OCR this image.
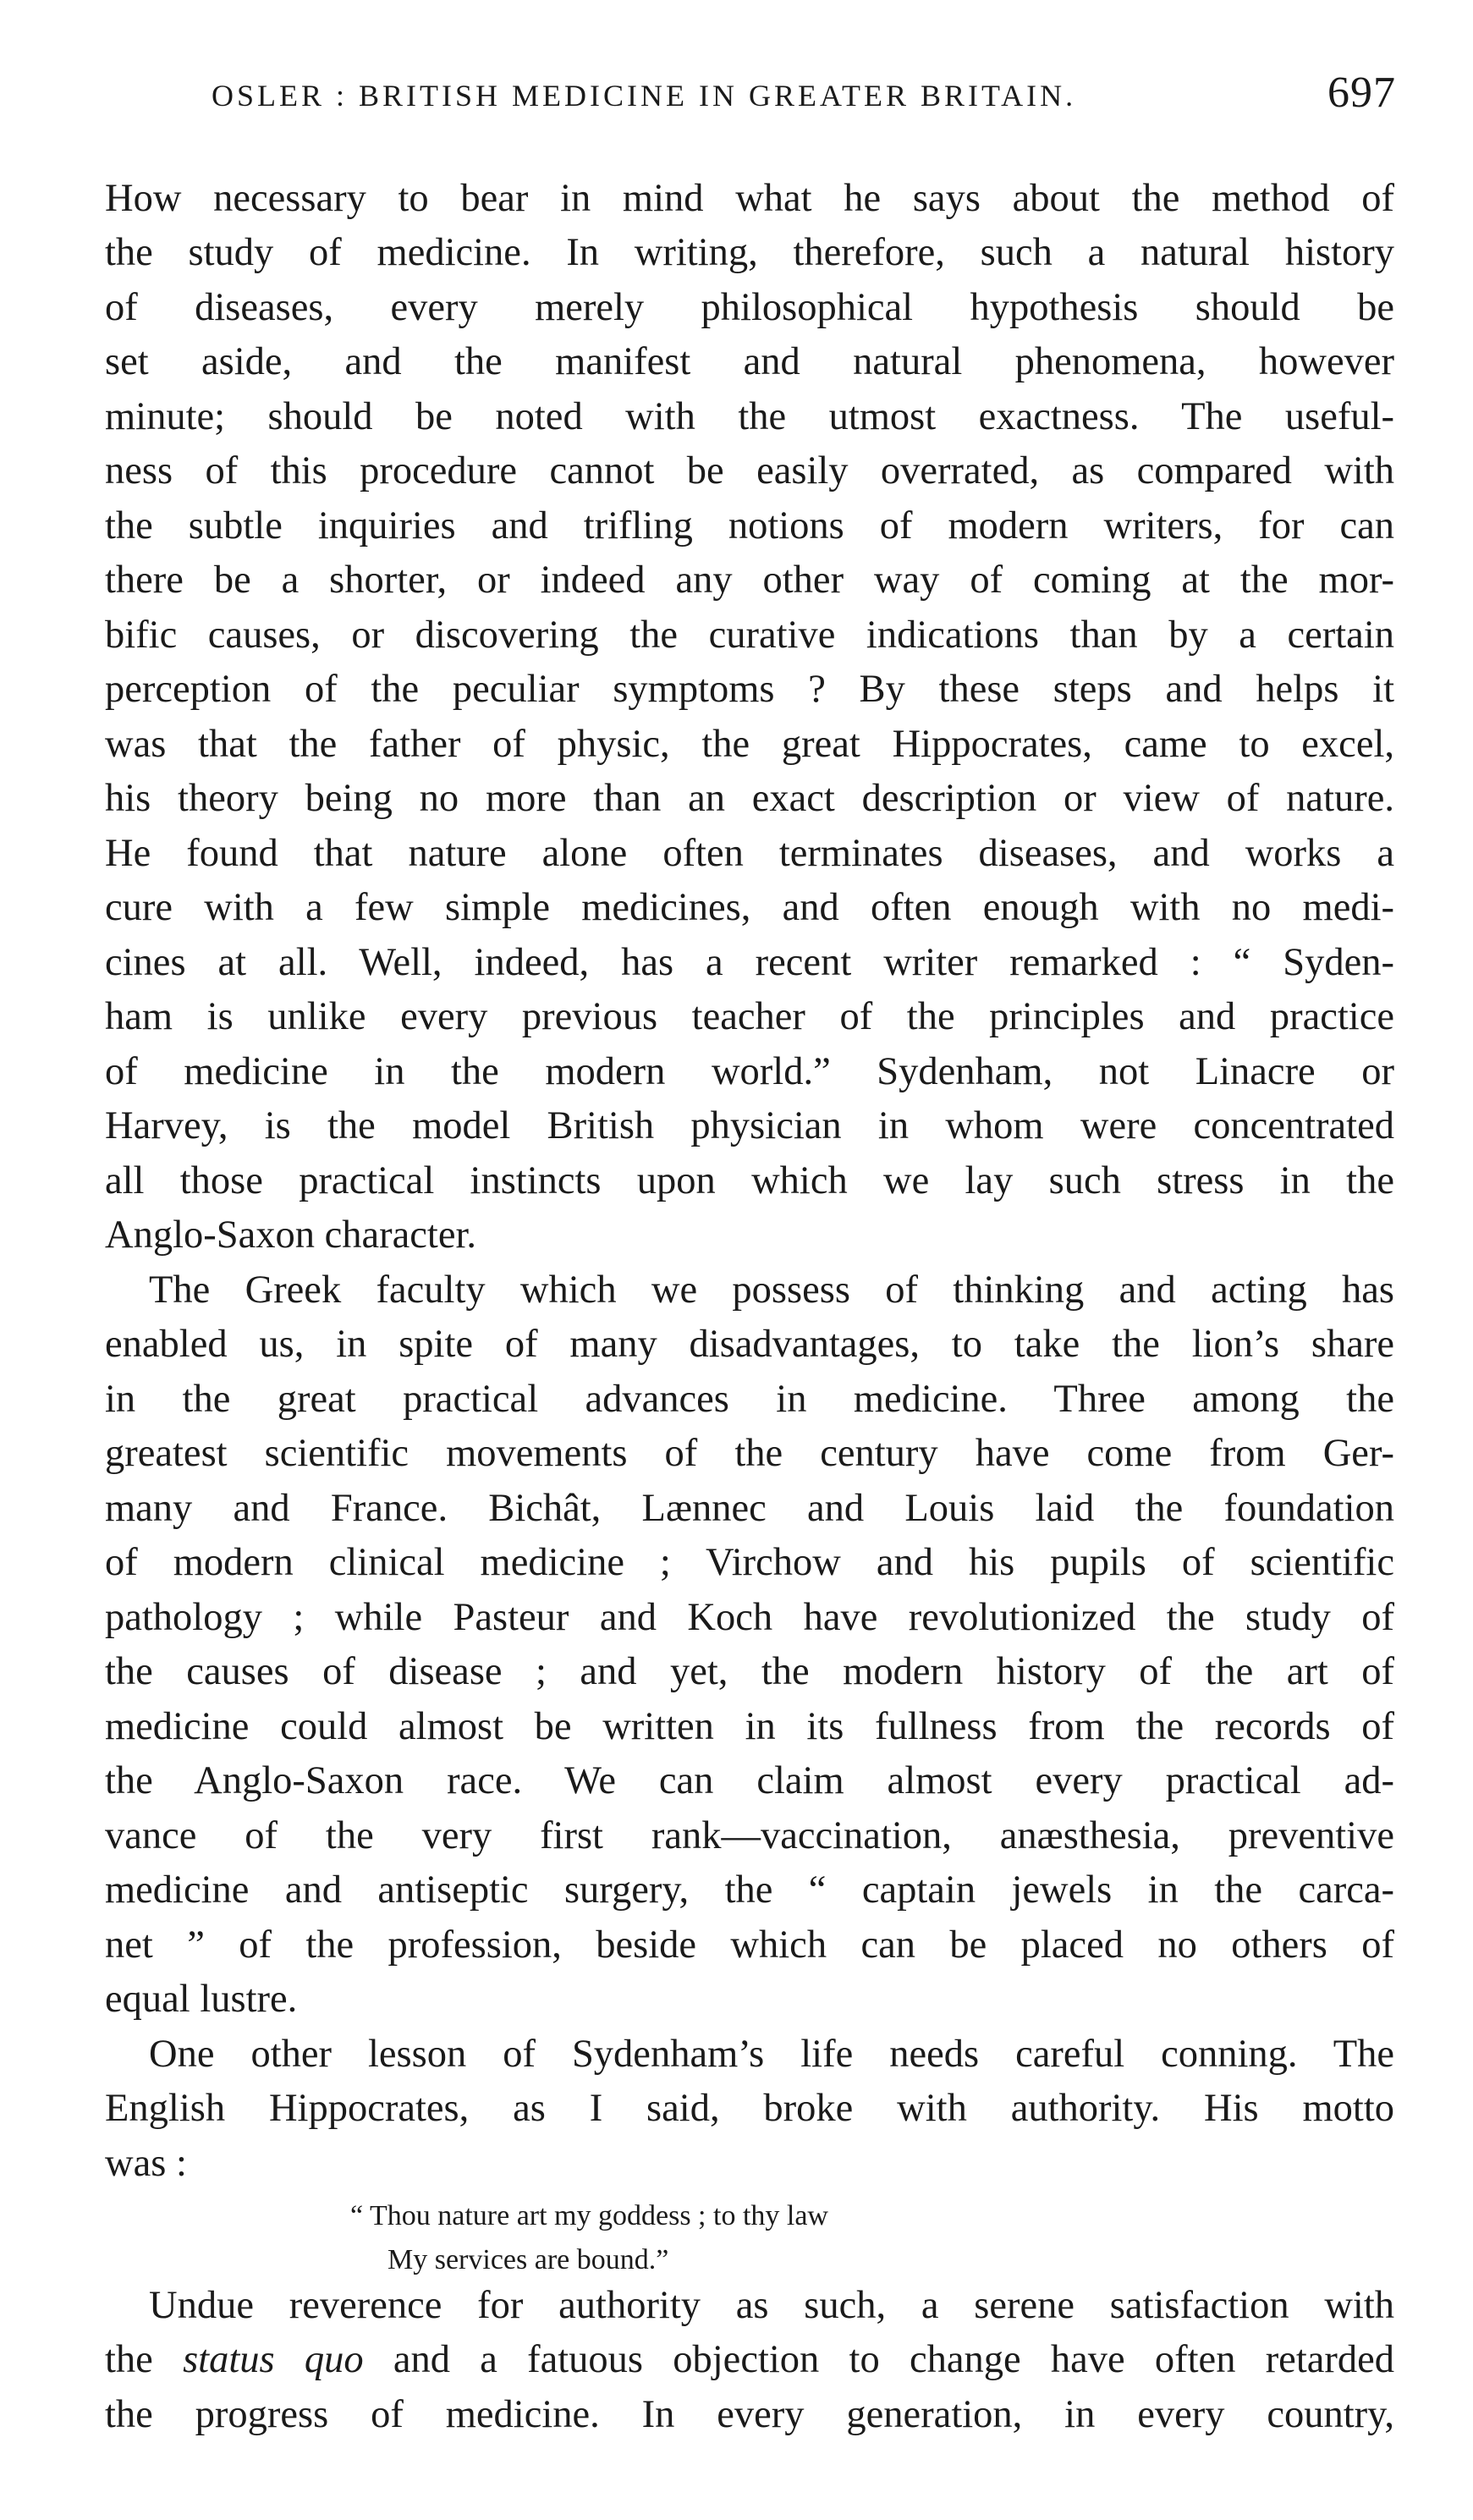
OSLER : BRITISH MEDICINE IN GREATER BRITAIN.	697
How necessary to bear in mind what he says about the method of
the study of medicine. In writing, therefore, such a natural history
of diseases, every merely philosophical hypothesis should be
set aside, and the manifest and natural phenomena, however
minute; should be noted with the utmost exactness. The useful-
ness of this procedure cannot be easily overrated, as compared with
the subtle inquiries and trifling notions of modern writers, for can
there be a shorter, or indeed any other way of coming at the mor-
bific causes, or discovering the curative indications than by a certain
perception of the peculiar symptoms ? By these steps and helps it
was that the father of physic, the great Hippocrates, came to excel,
his theory being no more than an exact description or view of nature.
He found that nature alone often terminates diseases, and works a
cure with a few simple medicines, and often enough with no medi-
cines at all. Well, indeed, has a recent writer remarked : “ Syden-
ham is unlike every previous teacher of the principles and practice
of medicine in the modern world.” Sydenham, not Linacre or
Harvey, is the model British physician in whom were concentrated
all those practical instincts upon which we lay such stress in the
Anglo-Saxon character.
The Greek faculty which we possess of thinking and acting has
enabled us, in spite of many disadvantages, to take the lion’s share
in the great practical advances in medicine. Three among the
greatest scientific movements of the century have come from Ger-
many and France. Bichât, Lænnec and Louis laid the foundation
of modern clinical medicine ; Virchow and his pupils of scientific
pathology ; while Pasteur and Koch have revolutionized the study of
the causes of disease ; and yet, the modern history of the art of
medicine could almost be written in its fullness from the records of
the Anglo-Saxon race. We can claim almost every practical ad-
vance of the very first rank—vaccination, anæsthesia, preventive
medicine and antiseptic surgery, the “ captain jewels in the carca-
net ” of the profession, beside which can be placed no others of
equal lustre.
One other lesson of Sydenham’s life needs careful conning. The
English Hippocrates, as I said, broke with authority. His motto
was :
“ Thou nature art my goddess ; to thy law
My services are bound.”
Undue reverence for authority as such, a serene satisfaction with
the status quo and a fatuous objection to change have often retarded
the progress of medicine. In every generation, in every country,
